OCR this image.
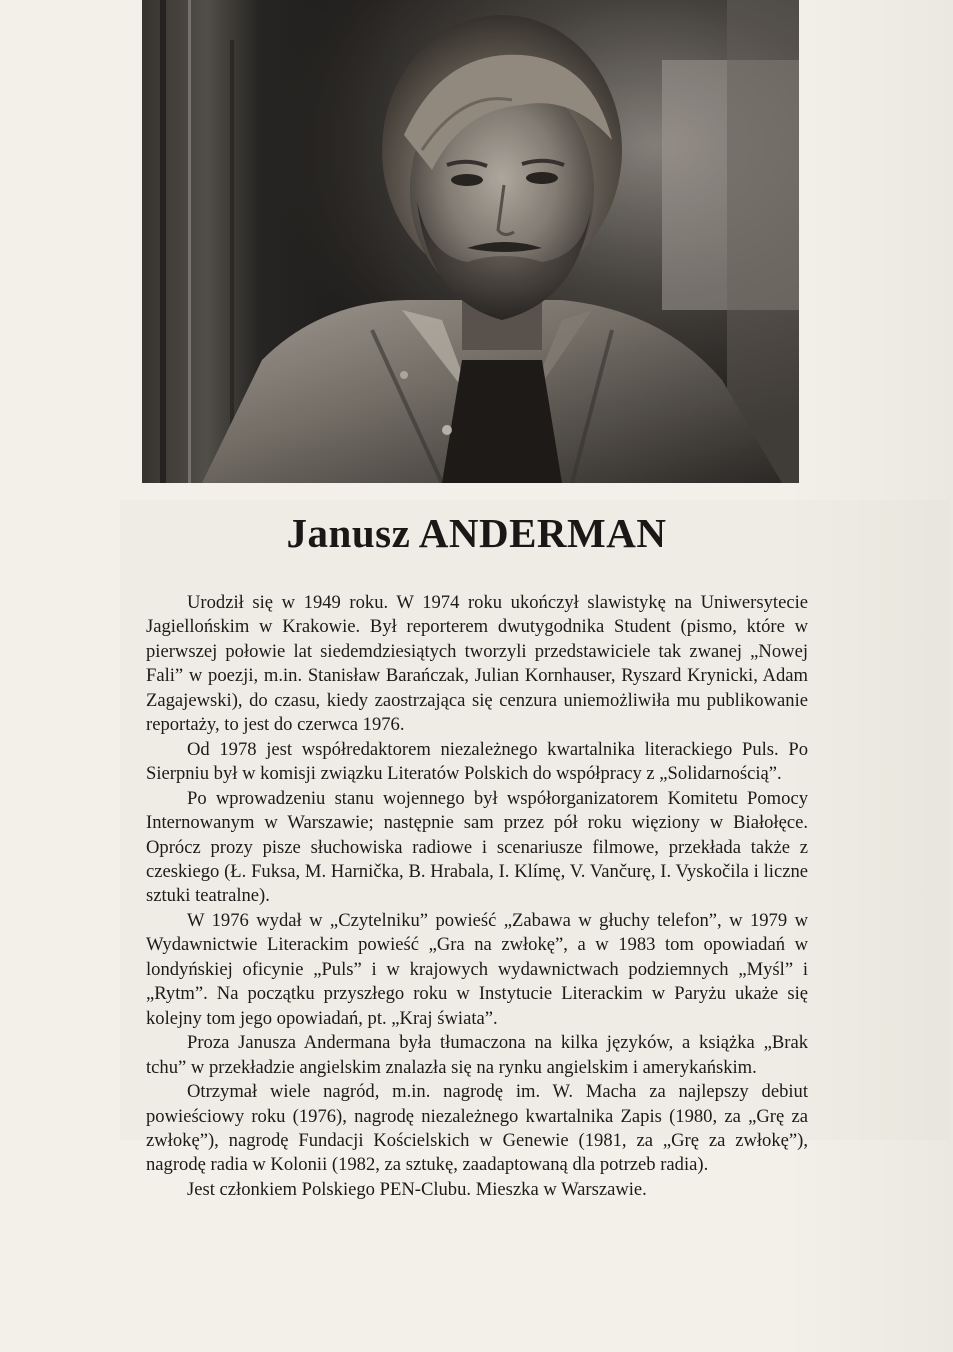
Janusz ANDERMAN

Urodził się w 1949 roku. W 1974 roku ukończył slawistykę na Uniwersytecie Jagiellońskim w Krakowie. Był reporterem dwutygodnika Student (pismo, które w pierwszej połowie lat siedemdziesiątych tworzyli przedstawiciele tak zwanej „Nowej Fali” w poezji, m.in. Stanisław Barańczak, Julian Kornhauser, Ryszard Krynicki, Adam Zagajewski), do czasu, kiedy zaostrzająca się cenzura uniemożliwiła mu publikowanie reportaży, to jest do czerwca 1976.

Od 1978 jest współredaktorem niezależnego kwartalnika literackiego Puls. Po Sierpniu był w komisji związku Literatów Polskich do współpracy z „Solidarnością”.

Po wprowadzeniu stanu wojennego był współorganizatorem Komitetu Pomocy Internowanym w Warszawie; następnie sam przez pół roku więziony w Białołęce. Oprócz prozy pisze słuchowiska radiowe i scenariusze filmowe, przekłada także z czeskiego (Ł. Fuksa, M. Harnička, B. Hrabala, I. Klímę, V. Vančurę, I. Vyskočila i liczne sztuki teatralne).

W 1976 wydał w „Czytelniku” powieść „Zabawa w głuchy telefon”, w 1979 w Wydawnictwie Literackim powieść „Gra na zwłokę”, a w 1983 tom opowiadań w londyńskiej oficynie „Puls” i w krajowych wydawnictwach podziemnych „Myśl” i „Rytm”. Na początku przyszłego roku w Instytucie Literackim w Paryżu ukaże się kolejny tom jego opowiadań, pt. „Kraj świata”.

Proza Janusza Andermana była tłumaczona na kilka języków, a książka „Brak tchu” w przekładzie angielskim znalazła się na rynku angielskim i amerykańskim.

Otrzymał wiele nagród, m.in. nagrodę im. W. Macha za najlepszy debiut powieściowy roku (1976), nagrodę niezależnego kwartalnika Zapis (1980, za „Grę za zwłokę”), nagrodę Fundacji Kościelskich w Genewie (1981, za „Grę za zwłokę”), nagrodę radia w Kolonii (1982, za sztukę, zaadaptowaną dla potrzeb radia).

Jest członkiem Polskiego PEN-Clubu. Mieszka w Warszawie.
